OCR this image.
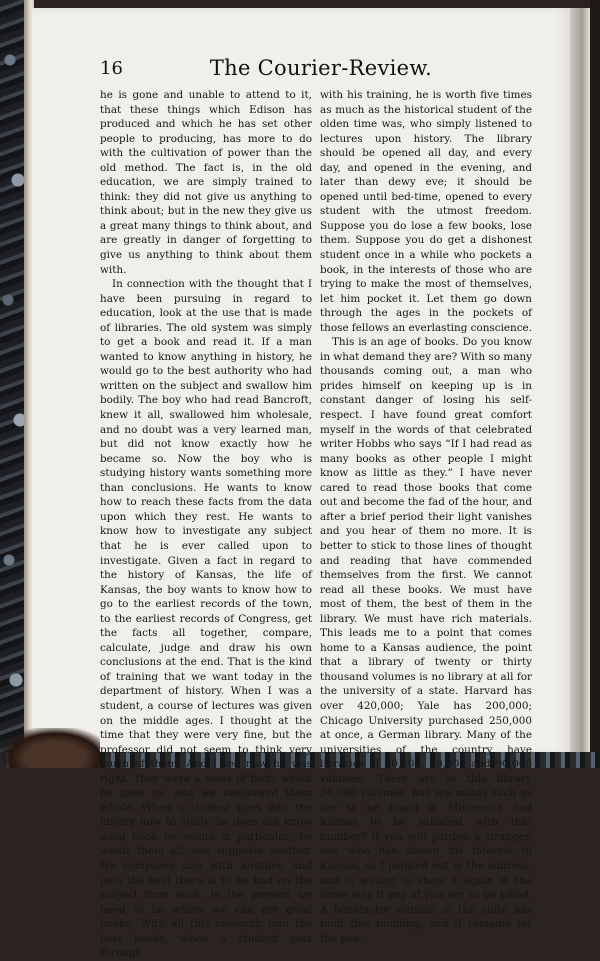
16	The Courier-Review.

he is gone and unable to attend to it, that these things which Edison has produced and which he has set other people to producing, has more to do with the cultivation of power than the old method. The fact is, in the old education, we are simply trained to think: they did not give us anything to think about; but in the new they give us a great many things to think about, and are greatly in danger of forgetting to give us anything to think about them with.

In connection with the thought that I have been pursuing in regard to education, look at the use that is made of libraries. The old system was simply to get a book and read it. If a man wanted to know anything in history, he would go to the best authority who had written on the subject and swallow him bodily. The boy who had read Bancroft, knew it all, swallowed him wholesale, and no doubt was a very learned man, but did not know exactly how he became so. Now the boy who is studying history wants something more than conclusions. He wants to know how to reach these facts from the data upon which they rest. He wants to know how to investigate any subject that he is ever called upon to investigate. Given a fact in regard to the history of Kansas, the life of Kansas, the boy wants to know how to go to the earliest records of the town, to the earliest records of Congress, get the facts all together, compare, calculate, judge and draw his own conclusions at the end. That is the kind of training that we want today in the department of history. When I was a student, a course of lectures was given on the middle ages. I thought at the time that they were very fine, but the professor did not seem to think very much of them. And I see now he was right. They were a mass of facts which he gave us, and we swallowed them whole. When a student goes into the library now to study, he does not know what book he wants in particular; he wants them all, one suggests another. He compares one with another, and gets the best there is to be had on the subject from each. In the present we need to be where we can get good books. With all this research into the best books, when a student gets through

with his training, he is worth five times as much as the historical student of the olden time was, who simply listened to lectures upon history. The library should be opened all day, and every day, and opened in the evening, and later than dewy eve; it should be opened until bed-time, opened to every student with the utmost freedom. Suppose you do lose a few books, lose them. Suppose you do get a dishonest student once in a while who pockets a book, in the interests of those who are trying to make the most of themselves, let him pocket it. Let them go down through the ages in the pockets of those fellows an everlasting conscience.

This is an age of books. Do you know in what demand they are? With so many thousands coming out, a man who prides himself on keeping up is in constant danger of losing his self-respect. I have found great comfort myself in the words of that celebrated writer Hobbs who says “If I had read as many books as other people I might know as little as they.” I have never cared to read those books that come out and become the fad of the hour, and after a brief period their light vanishes and you hear of them no more. It is better to stick to those lines of thought and reading that have commended themselves from the first. We cannot read all these books. We must have most of them, the best of them in the library. We must have rich materials. This leads me to a point that comes home to a Kansas audience, the point that a library of twenty or thirty thousand volumes is no library at all for the university of a state. Harvard has over 420,000; Yale has 200,000; Chicago University purchased 250,000 at once, a German library. Many of the universities of the country have libraries of 50,000, 70,000 and 90,000 volumes. There are in this library 30,000 volumes, but are minds such as are to be found in Minnesota and Kansas to be satisfied with that number? If you will pardon a stranger, one who has shown his interest in Kansas, as I pointed out in the address, and is willing to show it again in the same way if any of you are to be killed. A benefactor outside of the state has built this building, and it remains for the peo-
